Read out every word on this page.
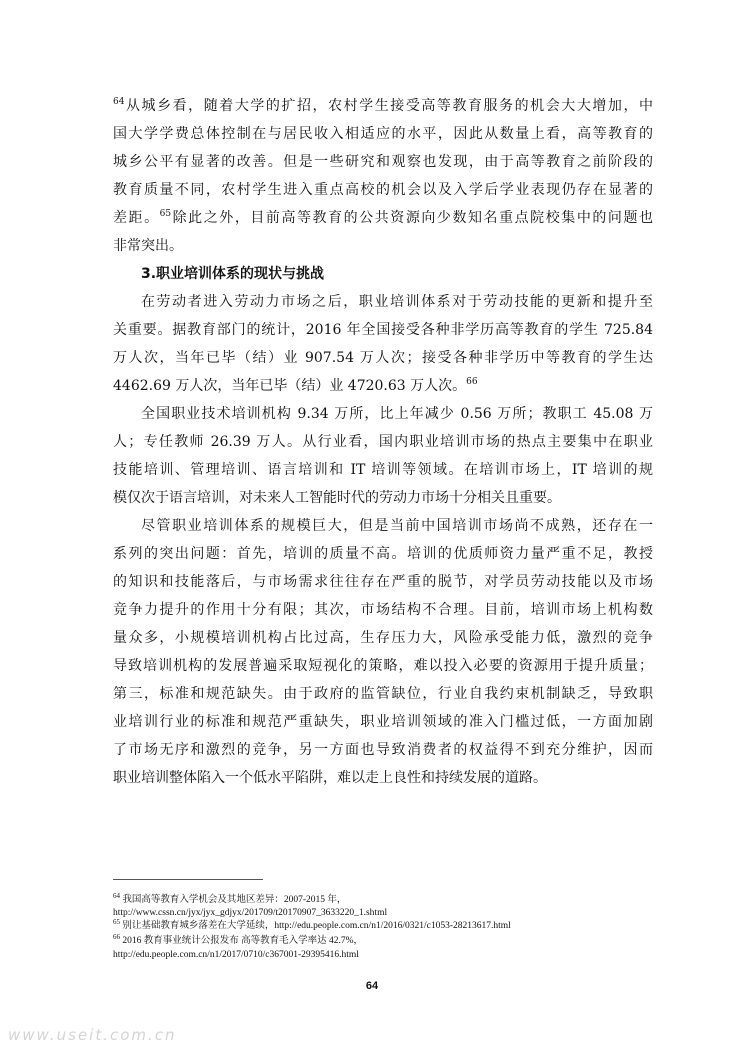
$^{64}$从城乡看，随着大学的扩招，农村学生接受高等教育服务的机会大大增加，中
国大学学费总体控制在与居民收入相适应的水平，因此从数量上看，高等教育的
城乡公平有显著的改善。但是一些研究和观察也发现，由于高等教育之前阶段的
教育质量不同，农村学生进入重点高校的机会以及入学后学业表现仍存在显著的
差距。$^{65}$除此之外，目前高等教育的公共资源向少数知名重点院校集中的问题也
非常突出。
3.职业培训体系的现状与挑战
在劳动者进入劳动力市场之后，职业培训体系对于劳动技能的更新和提升至
关重要。据教育部门的统计，2016 年全国接受各种非学历高等教育的学生 725.84
万人次，当年已毕（结）业 907.54 万人次；接受各种非学历中等教育的学生达
4462.69 万人次，当年已毕（结）业 4720.63 万人次。$^{66}$
全国职业技术培训机构 9.34 万所，比上年减少 0.56 万所；教职工 45.08 万
人；专任教师 26.39 万人。从行业看，国内职业培训市场的热点主要集中在职业
技能培训、管理培训、语言培训和 IT 培训等领域。在培训市场上，IT 培训的规
模仅次于语言培训，对未来人工智能时代的劳动力市场十分相关且重要。
尽管职业培训体系的规模巨大，但是当前中国培训市场尚不成熟，还存在一
系列的突出问题：首先，培训的质量不高。培训的优质师资力量严重不足，教授
的知识和技能落后，与市场需求往往存在严重的脱节，对学员劳动技能以及市场
竞争力提升的作用十分有限；其次，市场结构不合理。目前，培训市场上机构数
量众多，小规模培训机构占比过高，生存压力大，风险承受能力低，激烈的竞争
导致培训机构的发展普遍采取短视化的策略，难以投入必要的资源用于提升质量；
第三，标准和规范缺失。由于政府的监管缺位，行业自我约束机制缺乏，导致职
业培训行业的标准和规范严重缺失，职业培训领域的准入门槛过低，一方面加剧
了市场无序和激烈的竞争，另一方面也导致消费者的权益得不到充分维护，因而
职业培训整体陷入一个低水平陷阱，难以走上良性和持续发展的道路。
$^{64}$ 我国高等教育入学机会及其地区差异：2007-2015 年，
http://www.cssn.cn/jyx/jyx_gdjyx/201709/t20170907_3633220_1.shtml
$^{65}$ 别让基础教育城乡落差在大学延续，http://edu.people.com.cn/n1/2016/0321/c1053-28213617.html
$^{66}$ 2016 教育事业统计公报发布 高等教育毛入学率达 42.7%，
http://edu.people.com.cn/n1/2017/0710/c367001-29395416.html
64
www.useit.com.cn
